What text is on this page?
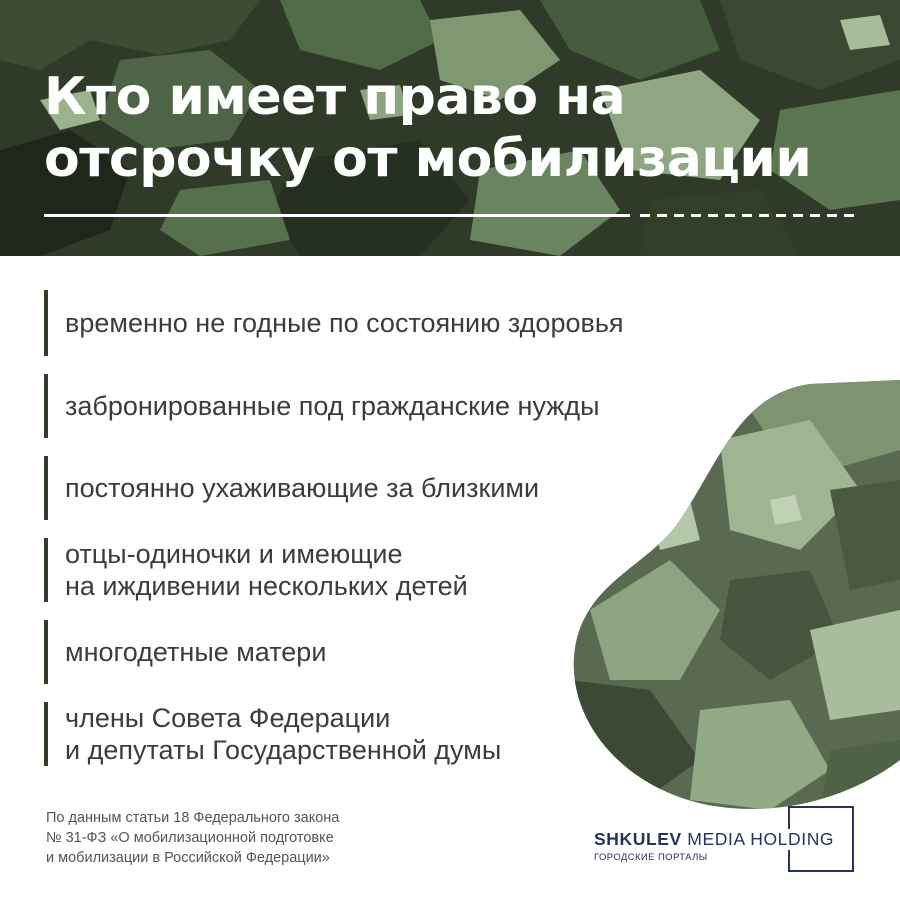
Кто имеет право на
отсрочку от мобилизации
временно не годные по состоянию здоровья
забронированные под гражданские нужды
постоянно ухаживающие за близкими
отцы-одиночки и имеющие
на иждивении нескольких детей
многодетные матери
члены Совета Федерации
и депутаты Государственной думы
По данным статьи 18 Федерального закона
№ 31-ФЗ «О мобилизационной подготовке
и мобилизации в Российской Федерации»
SHKULEV MEDIA HOLDING
ГОРОДСКИЕ ПОРТАЛЫ
